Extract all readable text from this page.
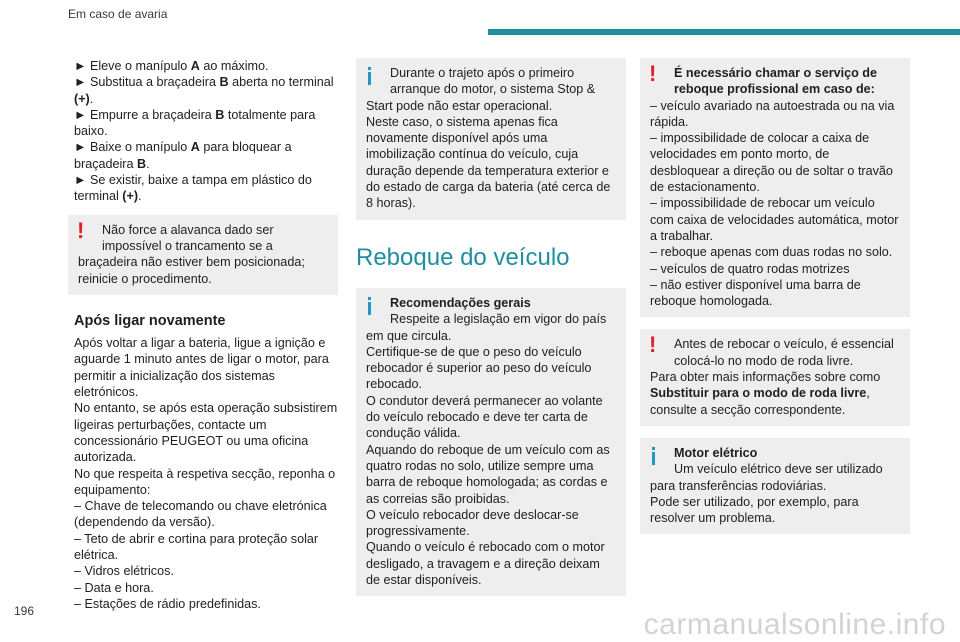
Em caso de avaria

► Eleve o manípulo A ao máximo.

► Substitua a braçadeira B aberta no terminal (+).

► Empurre a braçadeira B totalmente para baixo.

► Baixe o manípulo A para bloquear a braçadeira B.

► Se existir, baixe a tampa em plástico do terminal (+).

!	Não force a alavanca dado ser impossível o trancamento se a

braçadeira não estiver bem posicionada; reinicie o procedimento.

Após ligar novamente

Após voltar a ligar a bateria, ligue a ignição e aguarde 1 minuto antes de ligar o motor, para permitir a inicialização dos sistemas eletrónicos.

No entanto, se após esta operação subsistirem ligeiras perturbações, contacte um concessionário PEUGEOT ou uma oficina autorizada.

No que respeita à respetiva secção, reponha o equipamento:

– Chave de telecomando ou chave eletrónica (dependendo da versão).

– Teto de abrir e cortina para proteção solar elétrica.

– Vidros elétricos.

– Data e hora.

– Estações de rádio predefinidas.

Durante o trajeto após o primeiro arranque do motor, o sistema Stop &

Start pode não estar operacional.

Neste caso, o sistema apenas fica novamente disponível após uma imobilização contínua do veículo, cuja duração depende da temperatura exterior e do estado de carga da bateria (até cerca de 8 horas).

Reboque do veículo
Recomendações gerais
Respeite a legislação em vigor do país

em que circula.

Certifique-se de que o peso do veículo rebocador é superior ao peso do veículo rebocado.

O condutor deverá permanecer ao volante do veículo rebocado e deve ter carta de condução válida.

Aquando do reboque de um veículo com as quatro rodas no solo, utilize sempre uma barra de reboque homologada; as cordas e as correias são proibidas.

O veículo rebocador deve deslocar-se progressivamente.

Quando o veículo é rebocado com o motor desligado, a travagem e a direção deixam de estar disponíveis.

!	É necessário chamar o serviço de reboque profissional em caso de:

– veículo avariado na autoestrada ou na via rápida.

– impossibilidade de colocar a caixa de velocidades em ponto morto, de desbloquear a direção ou de soltar o travão de estacionamento.

– impossibilidade de rebocar um veículo com caixa de velocidades automática, motor a trabalhar.

– reboque apenas com duas rodas no solo.

– veículos de quatro rodas motrizes

– não estiver disponível uma barra de reboque homologada.

!	Antes de rebocar o veículo, é essencial colocá-lo no modo de roda livre.

Para obter mais informações sobre como Substituir para o modo de roda livre, consulte a secção correspondente.

Motor elétrico
Um veículo elétrico deve ser utilizado

para transferências rodoviárias.

Pode ser utilizado, por exemplo, para resolver um problema.

196	carmanualsonline.info
